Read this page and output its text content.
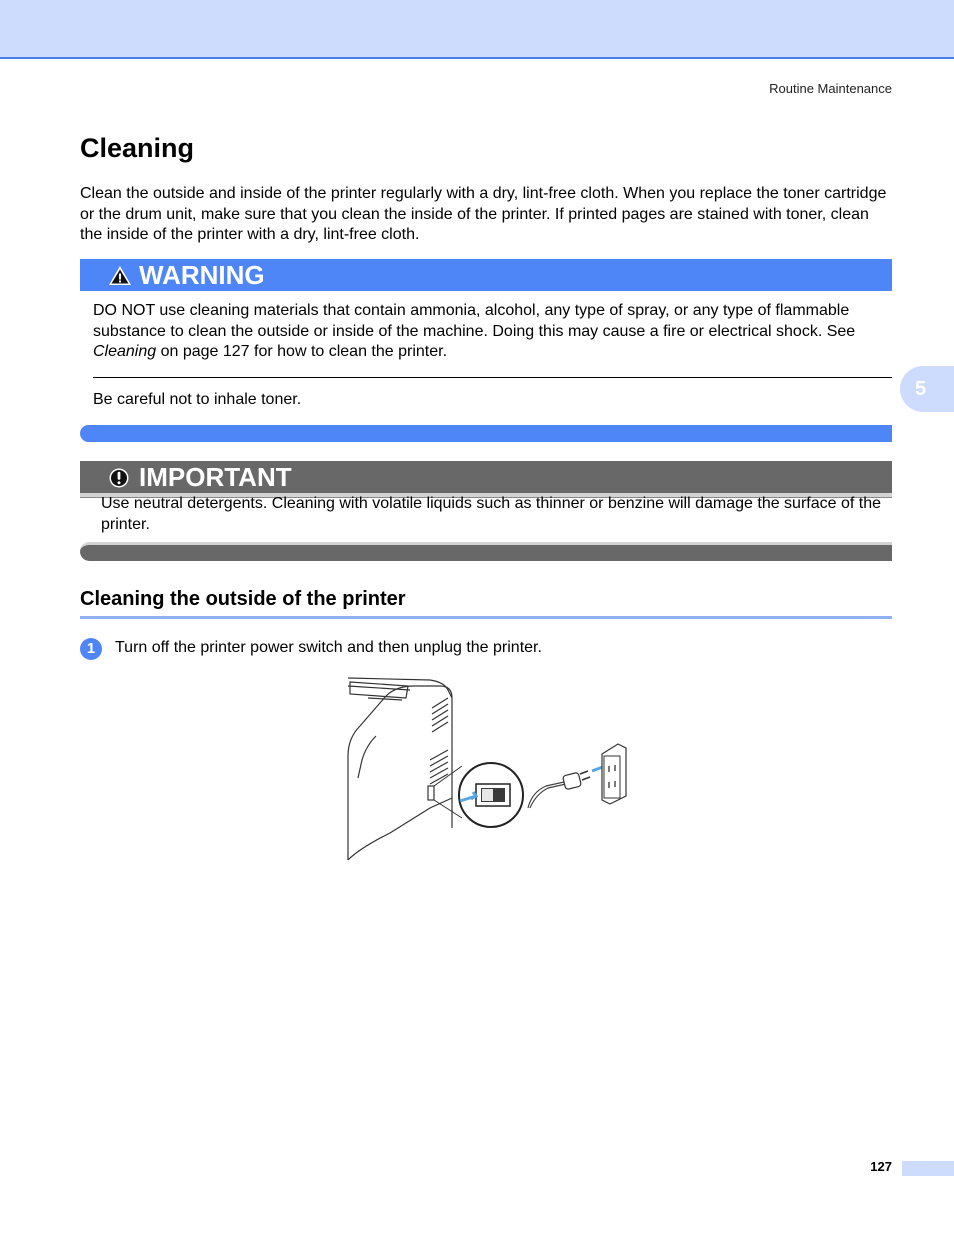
Routine Maintenance
5
Cleaning

Clean the outside and inside of the printer regularly with a dry, lint-free cloth. When you replace the toner cartridge or the drum unit, make sure that you clean the inside of the printer. If printed pages are stained with toner, clean the inside of the printer with a dry, lint-free cloth.

WARNING

DO NOT use cleaning materials that contain ammonia, alcohol, any type of spray, or any type of flammable substance to clean the outside or inside of the machine. Doing this may cause a fire or electrical shock. See Cleaning on page 127 for how to clean the printer.

Be careful not to inhale toner.

IMPORTANT

Use neutral detergents. Cleaning with volatile liquids such as thinner or benzine will damage the surface of the printer.

Cleaning the outside of the printer
1	Turn off the printer power switch and then unplug the printer.

127
